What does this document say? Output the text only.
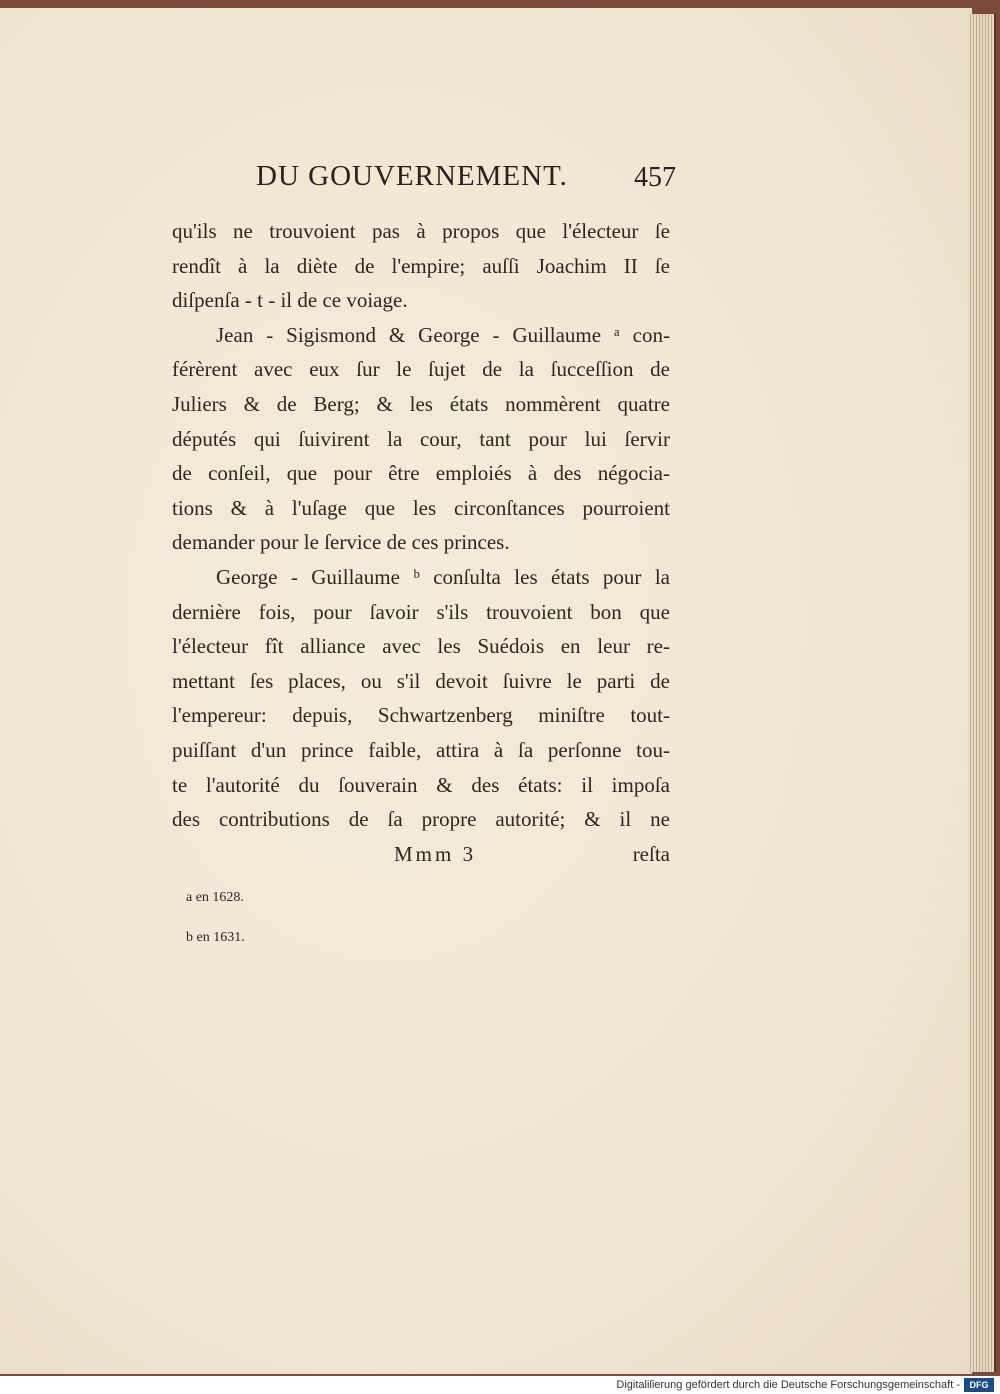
DU GOUVERNEMENT. 457
qu'ils ne trouvoient pas à propos que l'électeur ſe
rendît à la diète de l'empire; auſſi Joachim II ſe
diſpenſa - t - il de ce voiage.
Jean - Sigismond & George - Guillaume ᵃ con-
férèrent avec eux ſur le ſujet de la ſucceſſion de
Juliers & de Berg; & les états nommèrent quatre
députés qui ſuivirent la cour, tant pour lui ſervir
de conſeil, que pour être emploiés à des négocia-
tions & à l'uſage que les circonſtances pourroient
demander pour le ſervice de ces princes.
George - Guillaume ᵇ conſulta les états pour la
dernière fois, pour ſavoir s'ils trouvoient bon que
l'électeur fît alliance avec les Suédois en leur re-
mettant ſes places, ou s'il devoit ſuivre le parti de
l'empereur: depuis, Schwartzenberg miniſtre tout-
puiſſant d'un prince faible, attira à ſa perſonne tou-
te l'autorité du ſouverain & des états: il impoſa
des contributions de ſa propre autorité; & il ne
Mmm 3	reſta
a en 1628.
b en 1631.
Digitaliſierung gefördert durch die Deutsche Forschungsgemeinschaft -	DFG
